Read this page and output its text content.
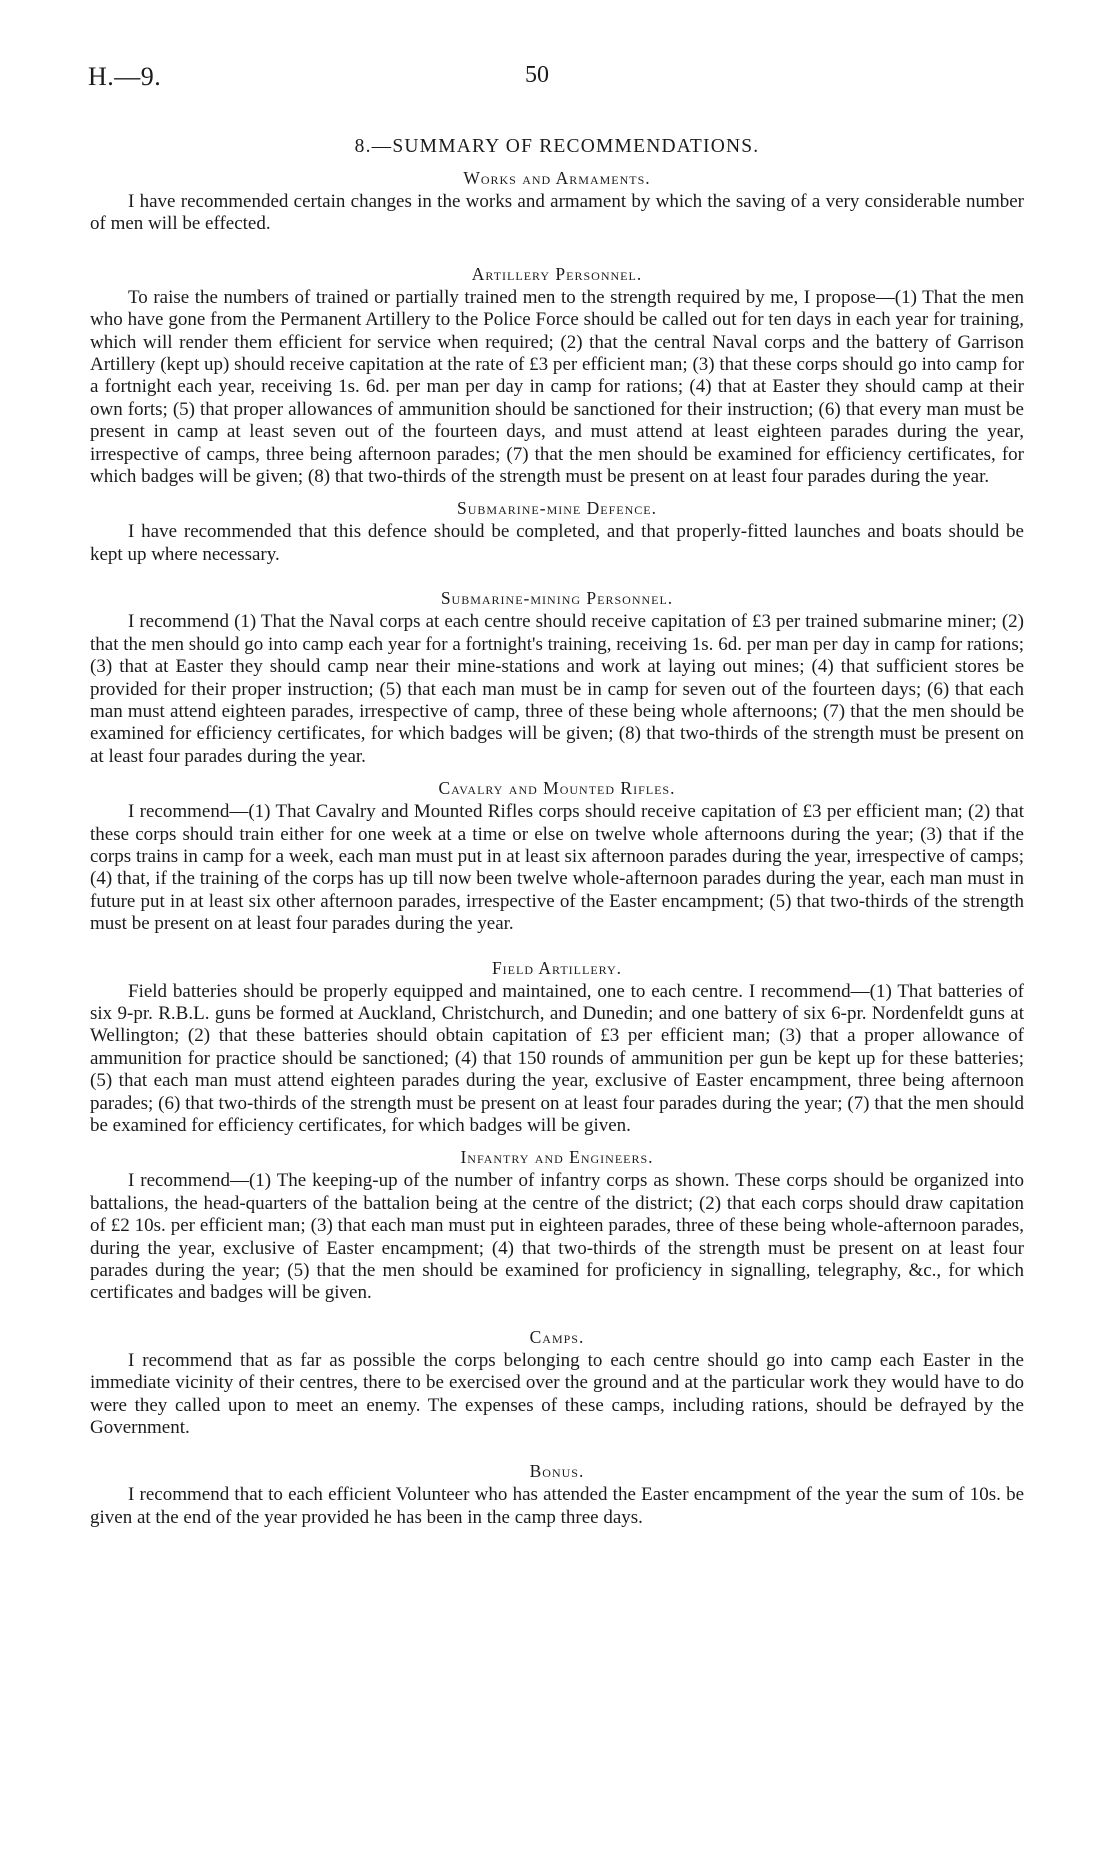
H.—9.	50
8.—SUMMARY OF RECOMMENDATIONS.
Works and Armaments.

I have recommended certain changes in the works and armament by which the saving of a very considerable number of men will be effected.

Artillery Personnel.

To raise the numbers of trained or partially trained men to the strength required by me, I propose—(1) That the men who have gone from the Permanent Artillery to the Police Force should be called out for ten days in each year for training, which will render them efficient for service when required; (2) that the central Naval corps and the battery of Garrison Artillery (kept up) should receive capitation at the rate of £3 per efficient man; (3) that these corps should go into camp for a fortnight each year, receiving 1s. 6d. per man per day in camp for rations; (4) that at Easter they should camp at their own forts; (5) that proper allowances of ammunition should be sanctioned for their instruction; (6) that every man must be present in camp at least seven out of the fourteen days, and must attend at least eighteen parades during the year, irrespective of camps, three being afternoon parades; (7) that the men should be examined for efficiency certificates, for which badges will be given; (8) that two-thirds of the strength must be present on at least four parades during the year.

Submarine-mine Defence.

I have recommended that this defence should be completed, and that properly-fitted launches and boats should be kept up where necessary.

Submarine-mining Personnel.

I recommend (1) That the Naval corps at each centre should receive capitation of £3 per trained submarine miner; (2) that the men should go into camp each year for a fortnight's training, receiving 1s. 6d. per man per day in camp for rations; (3) that at Easter they should camp near their mine-stations and work at laying out mines; (4) that sufficient stores be provided for their proper instruction; (5) that each man must be in camp for seven out of the fourteen days; (6) that each man must attend eighteen parades, irrespective of camp, three of these being whole afternoons; (7) that the men should be examined for efficiency certificates, for which badges will be given; (8) that two-thirds of the strength must be present on at least four parades during the year.

Cavalry and Mounted Rifles.

I recommend—(1) That Cavalry and Mounted Rifles corps should receive capitation of £3 per efficient man; (2) that these corps should train either for one week at a time or else on twelve whole afternoons during the year; (3) that if the corps trains in camp for a week, each man must put in at least six afternoon parades during the year, irrespective of camps; (4) that, if the training of the corps has up till now been twelve whole-afternoon parades during the year, each man must in future put in at least six other afternoon parades, irrespective of the Easter encampment; (5) that two-thirds of the strength must be present on at least four parades during the year.

Field Artillery.

Field batteries should be properly equipped and maintained, one to each centre. I recommend—(1) That batteries of six 9-pr. R.B.L. guns be formed at Auckland, Christchurch, and Dunedin; and one battery of six 6-pr. Nordenfeldt guns at Wellington; (2) that these batteries should obtain capitation of £3 per efficient man; (3) that a proper allowance of ammunition for practice should be sanctioned; (4) that 150 rounds of ammunition per gun be kept up for these batteries; (5) that each man must attend eighteen parades during the year, exclusive of Easter encampment, three being afternoon parades; (6) that two-thirds of the strength must be present on at least four parades during the year; (7) that the men should be examined for efficiency certificates, for which badges will be given.

Infantry and Engineers.

I recommend—(1) The keeping-up of the number of infantry corps as shown. These corps should be organized into battalions, the head-quarters of the battalion being at the centre of the district; (2) that each corps should draw capitation of £2 10s. per efficient man; (3) that each man must put in eighteen parades, three of these being whole-afternoon parades, during the year, exclusive of Easter encampment; (4) that two-thirds of the strength must be present on at least four parades during the year; (5) that the men should be examined for proficiency in signalling, telegraphy, &c., for which certificates and badges will be given.

Camps.

I recommend that as far as possible the corps belonging to each centre should go into camp each Easter in the immediate vicinity of their centres, there to be exercised over the ground and at the particular work they would have to do were they called upon to meet an enemy. The expenses of these camps, including rations, should be defrayed by the Government.

Bonus.

I recommend that to each efficient Volunteer who has attended the Easter encampment of the year the sum of 10s. be given at the end of the year provided he has been in the camp three days.
